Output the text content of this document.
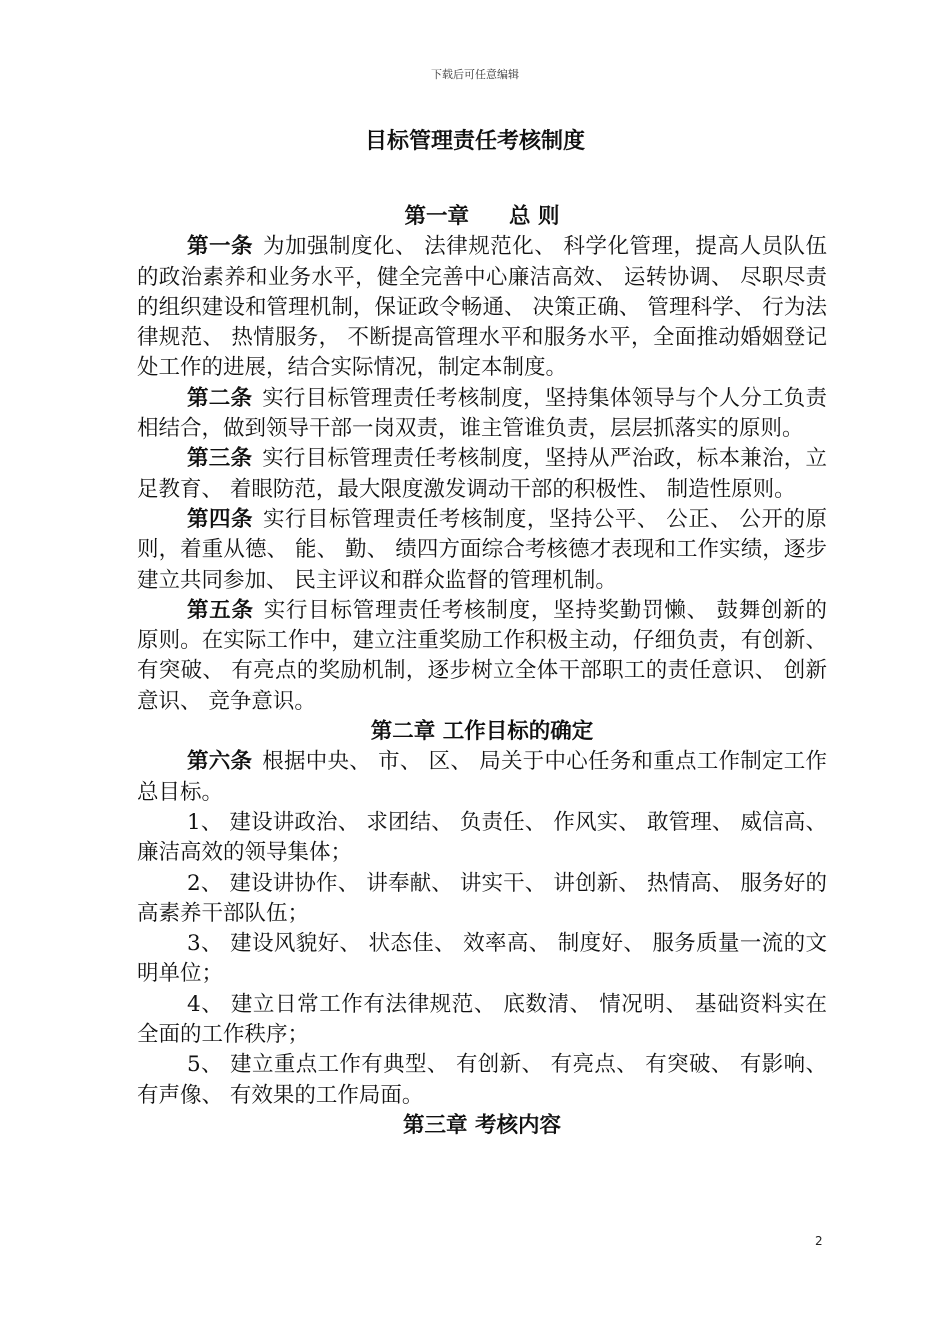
下载后可任意编辑
目标管理责任考核制度
第一章 总 则

第一条 为加强制度化、 法律规范化、 科学化管理，提高人员队伍的政治素养和业务水平，健全完善中心廉洁高效、 运转协调、 尽职尽责的组织建设和管理机制，保证政令畅通、 决策正确、 管理科学、 行为法律规范、 热情服务， 不断提高管理水平和服务水平，全面推动婚姻登记处工作的进展，结合实际情况，制定本制度。

第二条 实行目标管理责任考核制度，坚持集体领导与个人分工负责相结合，做到领导干部一岗双责，谁主管谁负责，层层抓落实的原则。

第三条 实行目标管理责任考核制度，坚持从严治政，标本兼治，立足教育、 着眼防范，最大限度激发调动干部的积极性、 制造性原则。

第四条 实行目标管理责任考核制度，坚持公平、 公正、 公开的原则，着重从德、 能、 勤、 绩四方面综合考核德才表现和工作实绩，逐步建立共同参加、 民主评议和群众监督的管理机制。

第五条 实行目标管理责任考核制度，坚持奖勤罚懒、 鼓舞创新的原则。在实际工作中，建立注重奖励工作积极主动，仔细负责，有创新、 有突破、 有亮点的奖励机制，逐步树立全体干部职工的责任意识、 创新意识、 竞争意识。

第二章 工作目标的确定

第六条 根据中央、 市、 区、 局关于中心任务和重点工作制定工作总目标。

1、 建设讲政治、 求团结、 负责任、 作风实、 敢管理、 威信高、 廉洁高效的领导集体；

2、 建设讲协作、 讲奉献、 讲实干、 讲创新、 热情高、 服务好的高素养干部队伍；

3、 建设风貌好、 状态佳、 效率高、 制度好、 服务质量一流的文明单位；

4、 建立日常工作有法律规范、 底数清、 情况明、 基础资料实在全面的工作秩序；

5、 建立重点工作有典型、 有创新、 有亮点、 有突破、 有影响、 有声像、 有效果的工作局面。

第三章 考核内容
2
